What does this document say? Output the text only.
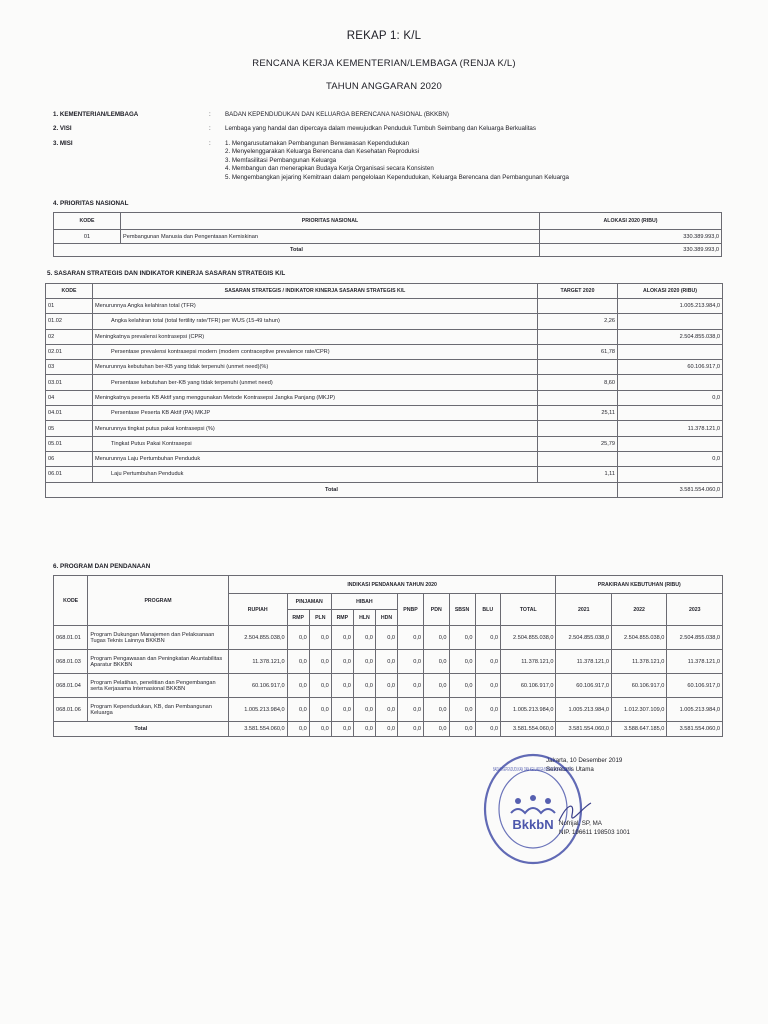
REKAP 1: K/L
RENCANA KERJA KEMENTERIAN/LEMBAGA (RENJA K/L)
TAHUN ANGGARAN 2020
1. KEMENTERIAN/LEMBAGA	: BADAN KEPENDUDUKAN DAN KELUARGA BERENCANA NASIONAL (BKKBN)
2. VISI	: Lembaga yang handal dan dipercaya dalam mewujudkan Penduduk Tumbuh Seimbang dan Keluarga Berkualitas
3. MISI	: 1. Mengarusutamakan Pembangunan Berwawasan Kependudukan
2. Menyelenggarakan Keluarga Berencana dan Kesehatan Reproduksi
3. Memfasilitasi Pembangunan Keluarga
4. Membangun dan menerapkan Budaya Kerja Organisasi secara Konsisten
5. Mengembangkan jejaring Kemitraan dalam pengelolaan Kependudukan, Keluarga Berencana dan Pembangunan Keluarga
4. PRIORITAS NASIONAL
KODE	PRIORITAS NASIONAL	ALOKASI 2020 (RIBU)
01	Pembangunan Manusia dan Pengentasan Kemiskinan	330.389.993,0
Total		330.389.993,0
5. SASARAN STRATEGIS DAN INDIKATOR KINERJA SASARAN STRATEGIS K/L
KODE	SASARAN STRATEGIS / INDIKATOR KINERJA SASARAN STRATEGIS K/L	TARGET 2020	ALOKASI 2020 (RIBU)
01	Menurunnya Angka kelahiran total (TFR)		1.005.213.984,0
01.02	Angka kelahiran total (total fertility rate/TFR) per WUS (15-49 tahun)	2,26	
02	Meningkatnya prevalensi kontrasepsi (CPR)		2.504.855.038,0
02.01	Persentase prevalensi kontrasepsi modern (modern contraceptive prevalence rate/CPR)	61,78	
03	Menurunnya kebutuhan ber-KB yang tidak terpenuhi (unmet need)(%)		60.106.917,0
03.01	Persentase kebutuhan ber-KB yang tidak terpenuhi (unmet need)	8,60	
04	Meningkatnya peserta KB Aktif yang menggunakan Metode Kontrasepsi Jangka Panjang (MKJP)		0,0
04.01	Persentase Peserta KB Aktif (PA) MKJP	25,11	
05	Menurunnya tingkat putus pakai kontrasepsi (%)		11.378.121,0
05.01	Tingkat Putus Pakai Kontrasepsi	25,79	
06	Menurunnya Laju Pertumbuhan Penduduk		0,0
06.01	Laju Pertumbuhan Penduduk	1,11	
Total			3.581.554.060,0
6. PROGRAM DAN PENDANAAN
KODE	PROGRAM	INDIKASI PENDANAAN TAHUN 2020											PRAKIRAAN KEBUTUHAN (RIBU)		
		RUPIAH	PINJAMAN		HIBAH			PNBP	PDN	SBSN	BLU	TOTAL	2021	2022	2023
			RMP	PLN	RMP	HLN	HDN								
068.01.01	Program Dukungan Manajemen dan Pelaksanaan Tugas Teknis Lainnya BKKBN	2.504.855.038,0	0,0	0,0	0,0	0,0	0,0	0,0	0,0	0,0	0,0	2.504.855.038,0	2.504.855.038,0	2.504.855.038,0	2.504.855.038,0
068.01.03	Program Pengawasan dan Peningkatan Akuntabilitas Aparatur BKKBN	11.378.121,0	0,0	0,0	0,0	0,0	0,0	0,0	0,0	0,0	0,0	11.378.121,0	11.378.121,0	11.378.121,0	11.378.121,0
068.01.04	Program Pelatihan, penelitian dan Pengembangan serta Kerjasama Internasional BKKBN	60.106.917,0	0,0	0,0	0,0	0,0	0,0	0,0	0,0	0,0	0,0	60.106.917,0	60.106.917,0	60.106.917,0	60.106.917,0
068.01.06	Program Kependudukan, KB, dan Pembangunan Keluarga	1.005.213.984,0	0,0	0,0	0,0	0,0	0,0	0,0	0,0	0,0	0,0	1.005.213.984,0	1.005.213.984,0	1.012.307.109,0	1.005.213.984,0
Total		3.581.554.060,0	0,0	0,0	0,0	0,0	0,0	0,0	0,0	0,0	0,0	3.581.554.060,0	3.581.554.060,0	3.588.647.185,0	3.581.554.060,0
Jakarta, 10 Desember 2019
Sekretaris Utama
BADAN KEPENDUDUKAN DAN KELUARGA BERENCANA NASIONAL
BkkbN Nofrijal, SP, MA
NIP. 196611 198503 1001
